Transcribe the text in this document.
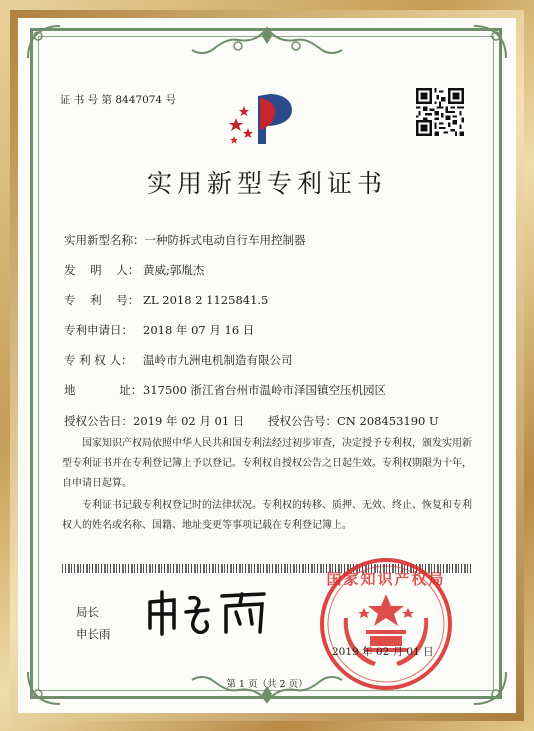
证 书 号 第 8447074 号
实用新型专利证书
实用新型名称：一种防拆式电动自行车用控制器
发    明    人： 黄威;郭胤杰
专    利    号： ZL 2018 2 1125841.5
专利申请日： 2018 年 07 月 16 日
专 利 权 人： 温岭市九洲电机制造有限公司
地            址：317500 浙江省台州市温岭市泽国镇空压机园区
授权公告日：2019 年 02 月 01 日 授权公告号：CN 208453190 U
国家知识产权局依照中华人民共和国专利法经过初步审查，决定授予专利权，颁发实用新型专利证书并在专利登记簿上予以登记。专利权自授权公告之日起生效。专利权期限为十年，自申请日起算。
专利证书记载专利权登记时的法律状况。专利权的转移、质押、无效、终止、恢复和专利权人的姓名或名称、国籍、地址变更等事项记载在专利登记簿上。
局长
申长雨
国家知识产权局
2019 年 02 月 01 日
第 1 页（共 2 页）
